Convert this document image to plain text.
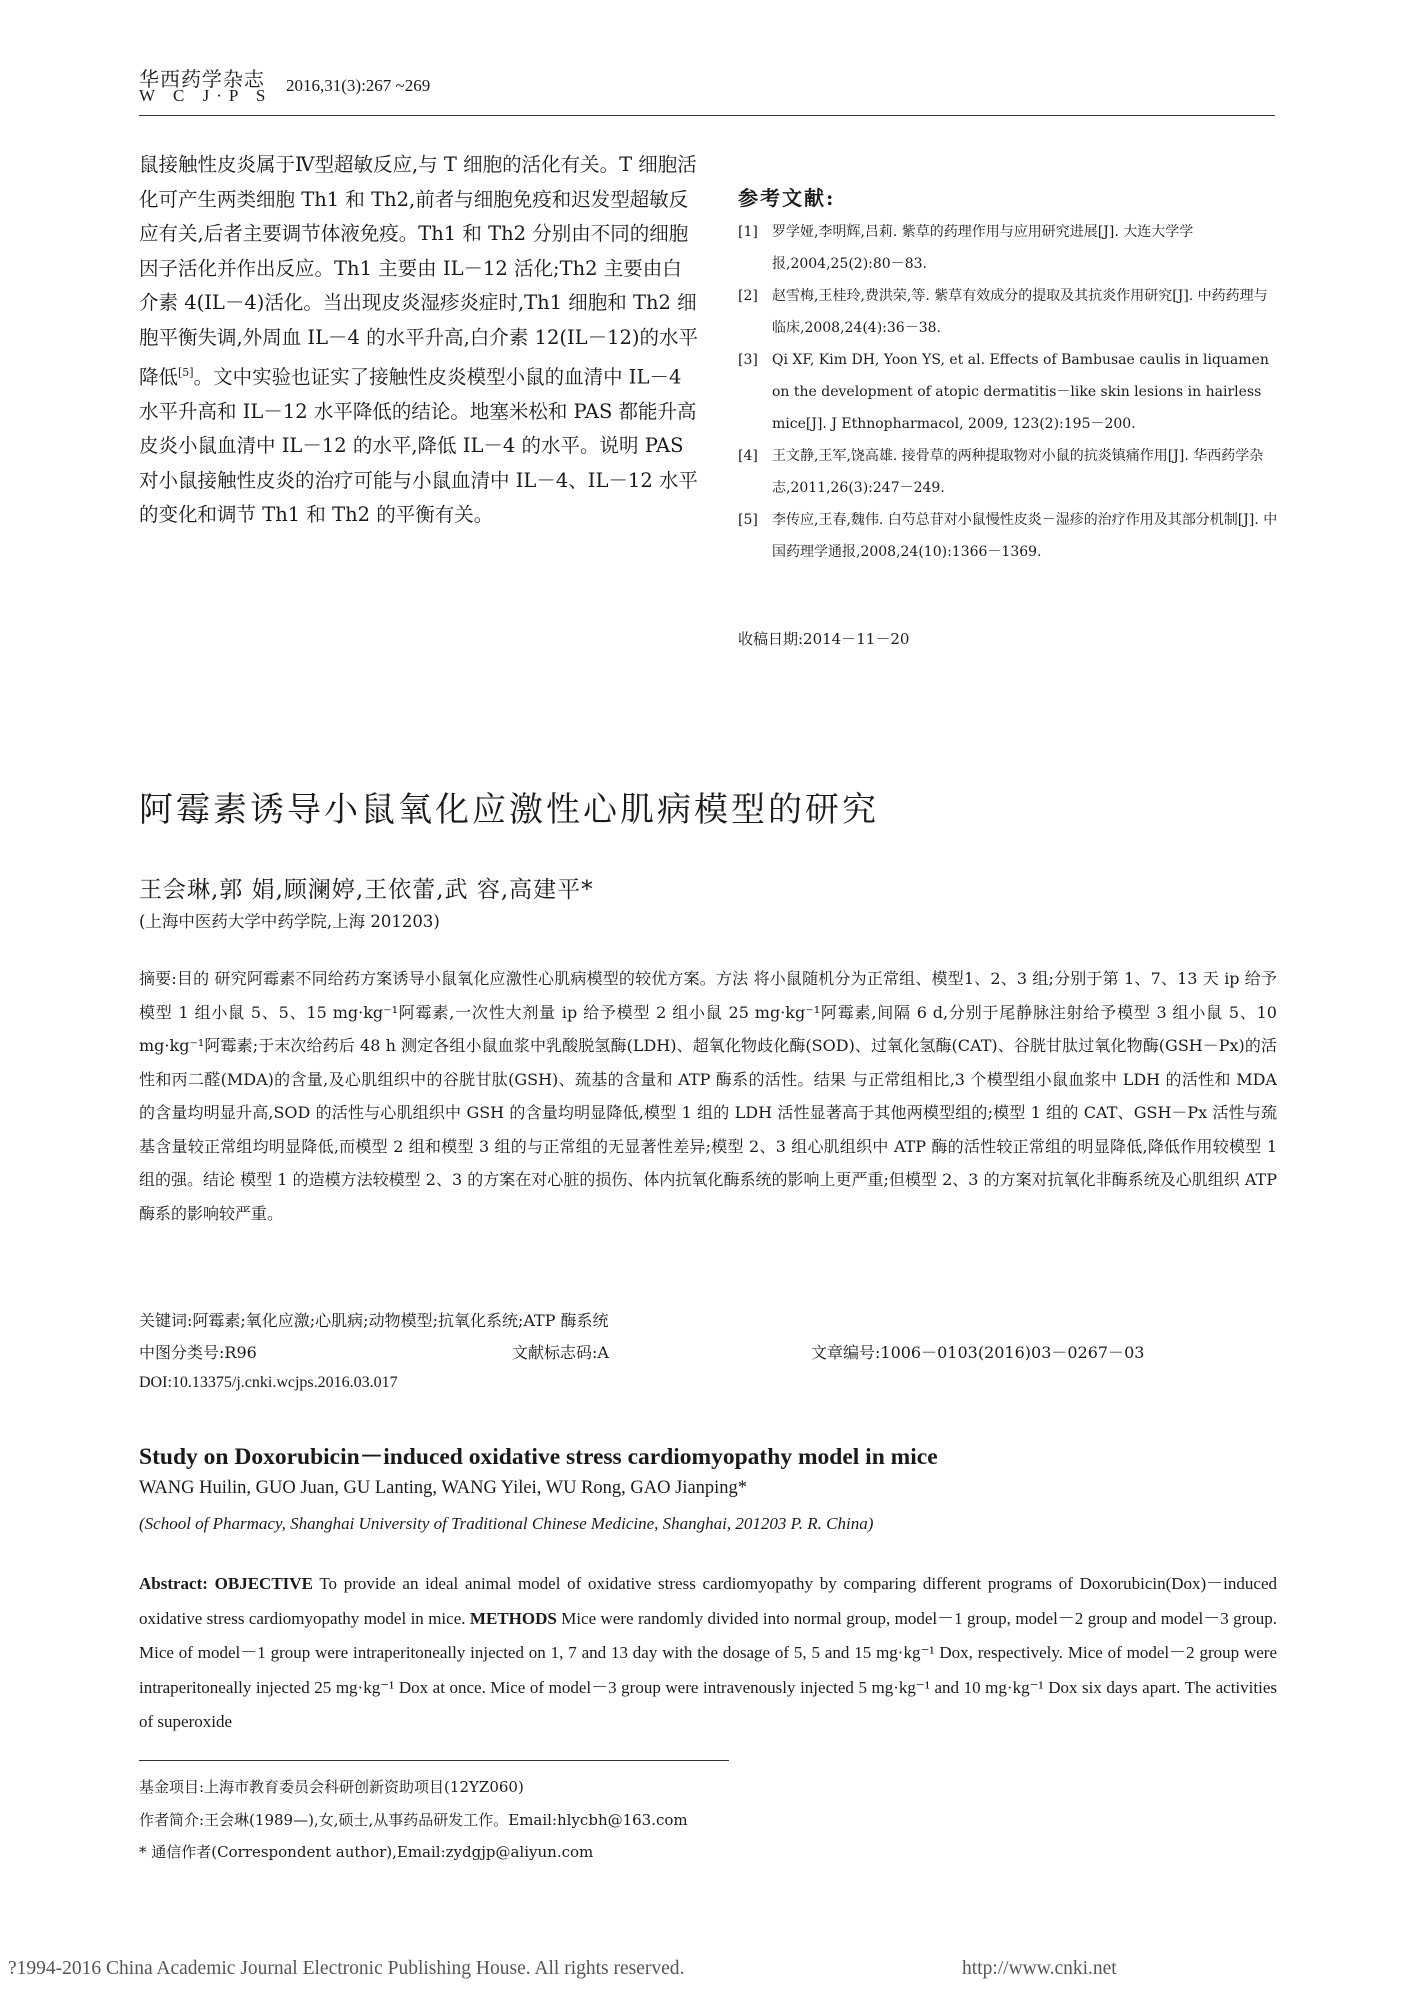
华西药学杂志
W C J·P S
2016,31(3):267 ~269

鼠接触性皮炎属于Ⅳ型超敏反应,与 T 细胞的活化有关。T 细胞活化可产生两类细胞 Th1 和 Th2,前者与细胞免疫和迟发型超敏反应有关,后者主要调节体液免疫。Th1 和 Th2 分别由不同的细胞因子活化并作出反应。Th1 主要由 IL－12 活化;Th2 主要由白介素 4(IL－4)活化。当出现皮炎湿疹炎症时,Th1 细胞和 Th2 细胞平衡失调,外周血 IL－4 的水平升高,白介素 12(IL－12)的水平降低[5]。文中实验也证实了接触性皮炎模型小鼠的血清中 IL－4 水平升高和 IL－12 水平降低的结论。地塞米松和 PAS 都能升高皮炎小鼠血清中 IL－12 的水平,降低 IL－4 的水平。说明 PAS 对小鼠接触性皮炎的治疗可能与小鼠血清中 IL－4、IL－12 水平的变化和调节 Th1 和 Th2 的平衡有关。

参考文献:
[1]	罗学娅,李明辉,吕莉. 紫草的药理作用与应用研究进展[J]. 大连大学学报,2004,25(2):80－83.
[2]	赵雪梅,王桂玲,费洪荣,等. 紫草有效成分的提取及其抗炎作用研究[J]. 中药药理与临床,2008,24(4):36－38.
[3]	Qi XF, Kim DH, Yoon YS, et al. Effects of Bambusae caulis in liquamen on the development of atopic dermatitis－like skin lesions in hairless mice[J]. J Ethnopharmacol, 2009, 123(2):195－200.
[4]	王文静,王军,饶高雄. 接骨草的两种提取物对小鼠的抗炎镇痛作用[J]. 华西药学杂志,2011,26(3):247－249.
[5]	李传应,王春,魏伟. 白芍总苷对小鼠慢性皮炎－湿疹的治疗作用及其部分机制[J]. 中国药理学通报,2008,24(10):1366－1369.
收稿日期:2014－11－20
阿霉素诱导小鼠氧化应激性心肌病模型的研究
王会琳,郭 娟,顾澜婷,王依蕾,武 容,高建平*
(上海中医药大学中药学院,上海 201203)
摘要:目的 研究阿霉素不同给药方案诱导小鼠氧化应激性心肌病模型的较优方案。方法 将小鼠随机分为正常组、模型1、2、3 组;分别于第 1、7、13 天 ip 给予模型 1 组小鼠 5、5、15 mg·kg⁻¹阿霉素,一次性大剂量 ip 给予模型 2 组小鼠 25 mg·kg⁻¹阿霉素,间隔 6 d,分别于尾静脉注射给予模型 3 组小鼠 5、10 mg·kg⁻¹阿霉素;于末次给药后 48 h 测定各组小鼠血浆中乳酸脱氢酶(LDH)、超氧化物歧化酶(SOD)、过氧化氢酶(CAT)、谷胱甘肽过氧化物酶(GSH－Px)的活性和丙二醛(MDA)的含量,及心肌组织中的谷胱甘肽(GSH)、巯基的含量和 ATP 酶系的活性。结果 与正常组相比,3 个模型组小鼠血浆中 LDH 的活性和 MDA 的含量均明显升高,SOD 的活性与心肌组织中 GSH 的含量均明显降低,模型 1 组的 LDH 活性显著高于其他两模型组的;模型 1 组的 CAT、GSH－Px 活性与巯基含量较正常组均明显降低,而模型 2 组和模型 3 组的与正常组的无显著性差异;模型 2、3 组心肌组织中 ATP 酶的活性较正常组的明显降低,降低作用较模型 1 组的强。结论 模型 1 的造模方法较模型 2、3 的方案在对心脏的损伤、体内抗氧化酶系统的影响上更严重;但模型 2、3 的方案对抗氧化非酶系统及心肌组织 ATP 酶系的影响较严重。
关键词:阿霉素;氧化应激;心肌病;动物模型;抗氧化系统;ATP 酶系统
中图分类号:R96	文献标志码:A	文章编号:1006－0103(2016)03－0267－03
DOI:10.13375/j.cnki.wcjps.2016.03.017
Study on Doxorubicin－induced oxidative stress cardiomyopathy model in mice
WANG Huilin, GUO Juan, GU Lanting, WANG Yilei, WU Rong, GAO Jianping*
(School of Pharmacy, Shanghai University of Traditional Chinese Medicine, Shanghai, 201203 P. R. China)
Abstract: OBJECTIVE To provide an ideal animal model of oxidative stress cardiomyopathy by comparing different programs of Doxorubicin(Dox)－induced oxidative stress cardiomyopathy model in mice. METHODS Mice were randomly divided into normal group, model－1 group, model－2 group and model－3 group. Mice of model－1 group were intraperitoneally injected on 1, 7 and 13 day with the dosage of 5, 5 and 15 mg·kg⁻¹ Dox, respectively. Mice of model－2 group were intraperitoneally injected 25 mg·kg⁻¹ Dox at once. Mice of model－3 group were intravenously injected 5 mg·kg⁻¹ and 10 mg·kg⁻¹ Dox six days apart. The activities of superoxide
基金项目:上海市教育委员会科研创新资助项目(12YZ060)
作者简介:王会琳(1989—),女,硕士,从事药品研发工作。Email:hlycbh@163.com
* 通信作者(Correspondent author),Email:zydgjp@aliyun.com
?1994-2016 China Academic Journal Electronic Publishing House. All rights reserved.	http://www.cnki.net
